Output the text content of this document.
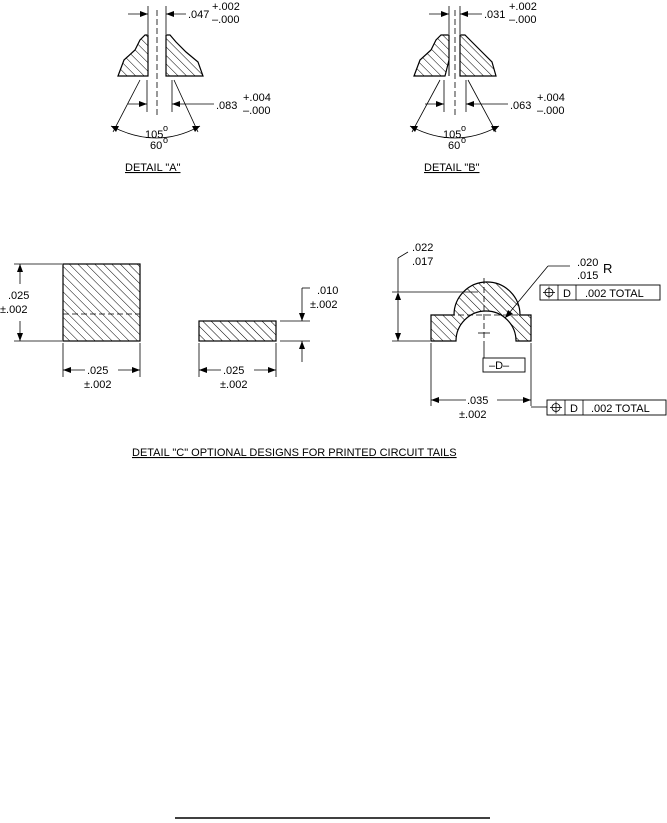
.047
+.002
–.000
.083
+.004
–.000
105
o
60 o
DETAIL "A"
.031
+.002
–.000
.063
+.004
–.000
105
o
60 o
DETAIL "B"
.025
±.002
.025
±.002
.010
±.002
.025
±.002
.022
.017	.020
.015 R
D .002 TOTAL
–D–
.035
±.002	D .002 TOTAL
DETAIL "C" OPTIONAL DESIGNS FOR PRINTED CIRCUIT TAILS
